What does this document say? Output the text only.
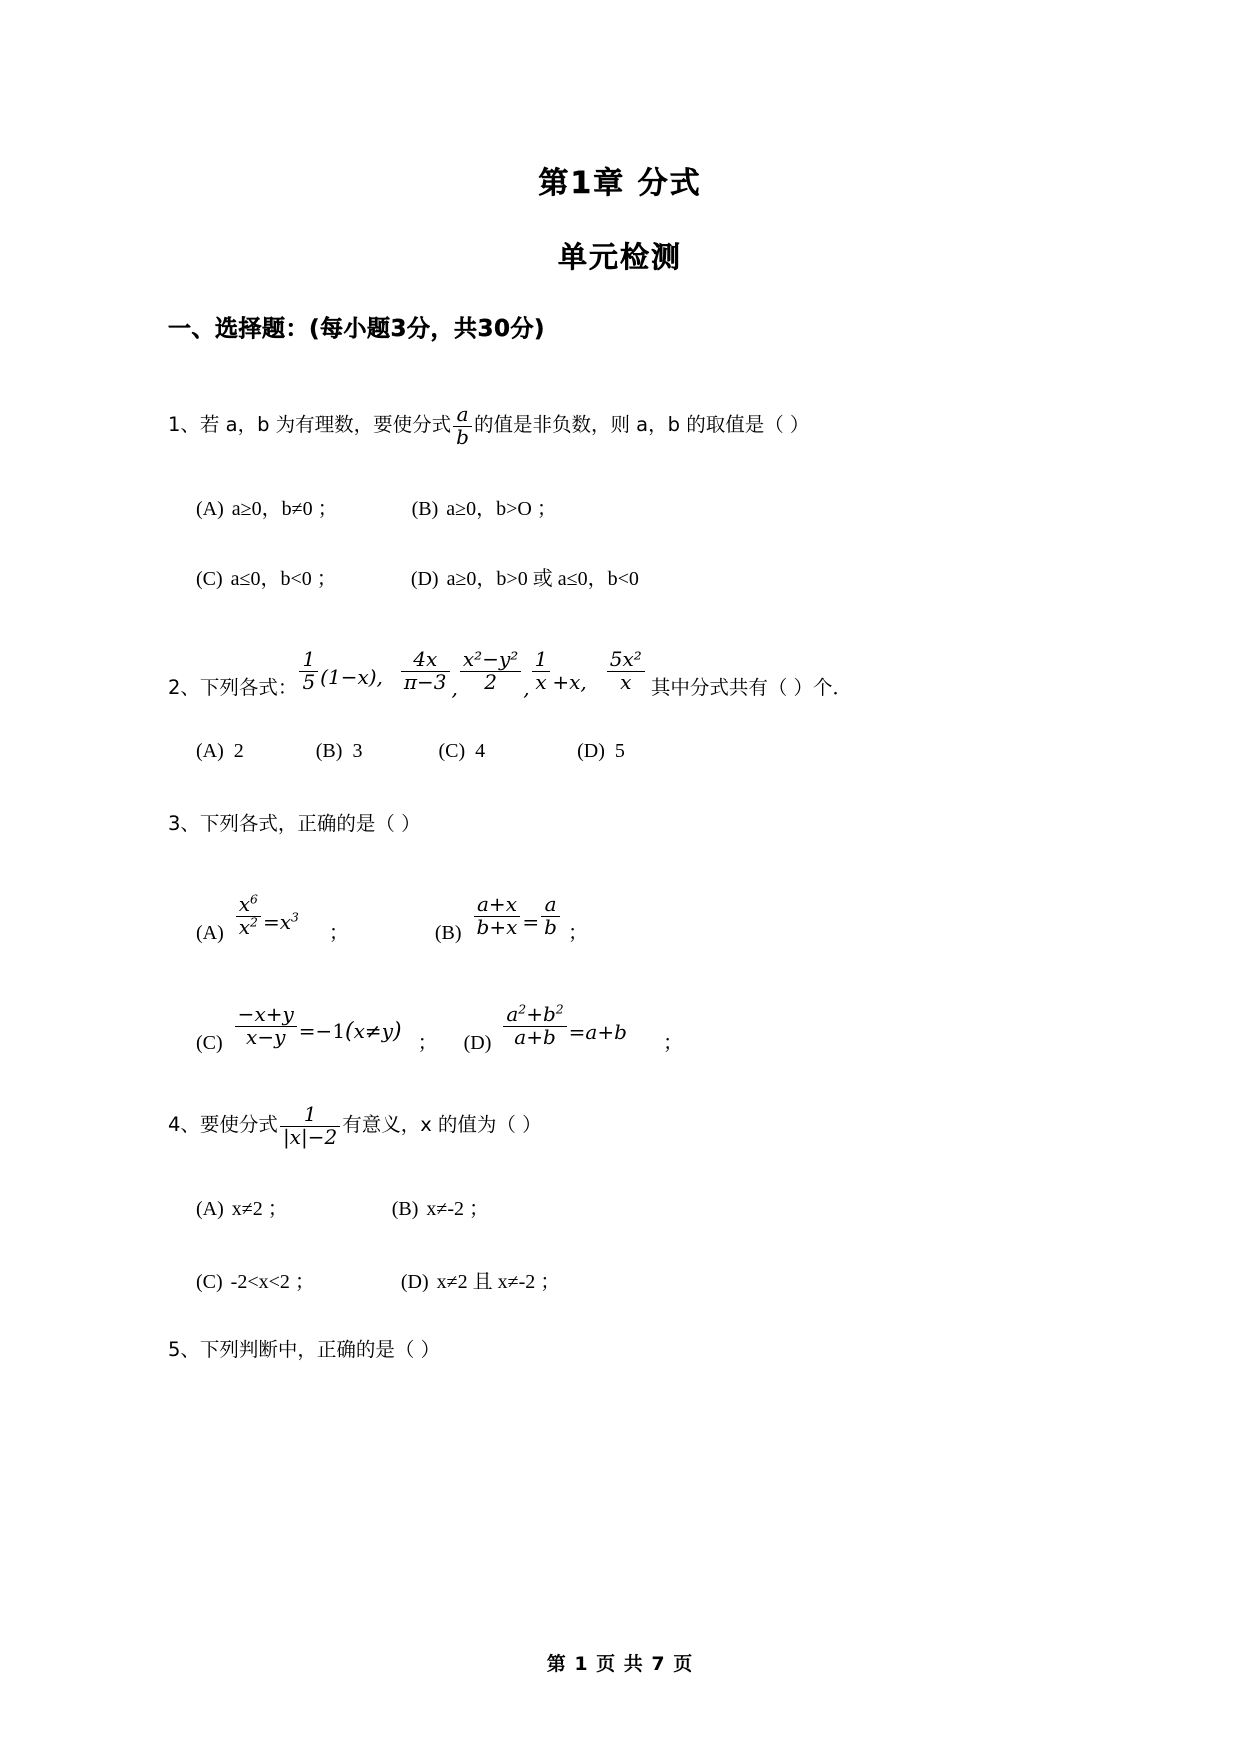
第1章 分式
单元检测
一、选择题：(每小题3分，共30分)
1、 若 a，b 为有理数，要使分式 $\frac{a}{b}$ 的值是非负数，则 a，b 的取值是（ ）
(A) a≥0，b≠0 ；	(B) a≥0，b>O ；
(C) a≤0，b<0 ；	(D) a≥0，b>0 或 a≤0，b<0
2、 下列各式： $\frac{1}{5} (1-x)$, $\frac{4x}{\pi-3}$ , $\frac{\text{x²−y²}}{2}$ , $\frac{1}{x} +x$, $\frac{\text{5x²}}{x}$ 其中分式共有（ ）个．
(A) 2	(B) 3	(C) 4	(D) 5
3、 下列各式，正确的是（ ）
$(A) \frac{x^6}{x^2} =x^3$
；	$(B) \frac{a+x}{b+x} = \frac{a}{b}$ ；
$(C) \frac{-x+y}{x-y} =-1(x\ne y)$ ； $(D) \frac{a^2+b^2}{a+b} =a+b$ ；
4、 要使分式 $\frac{1}{|x|-2}$ 有意义，x 的值为（ ）
(A) x≠2 ；	(B) x≠-2 ；
(C) -2<x<2 ；	(D) x≠2 且 x≠-2 ；
5、 下列判断中，正确的是（ ）
第 1 页 共 7 页
